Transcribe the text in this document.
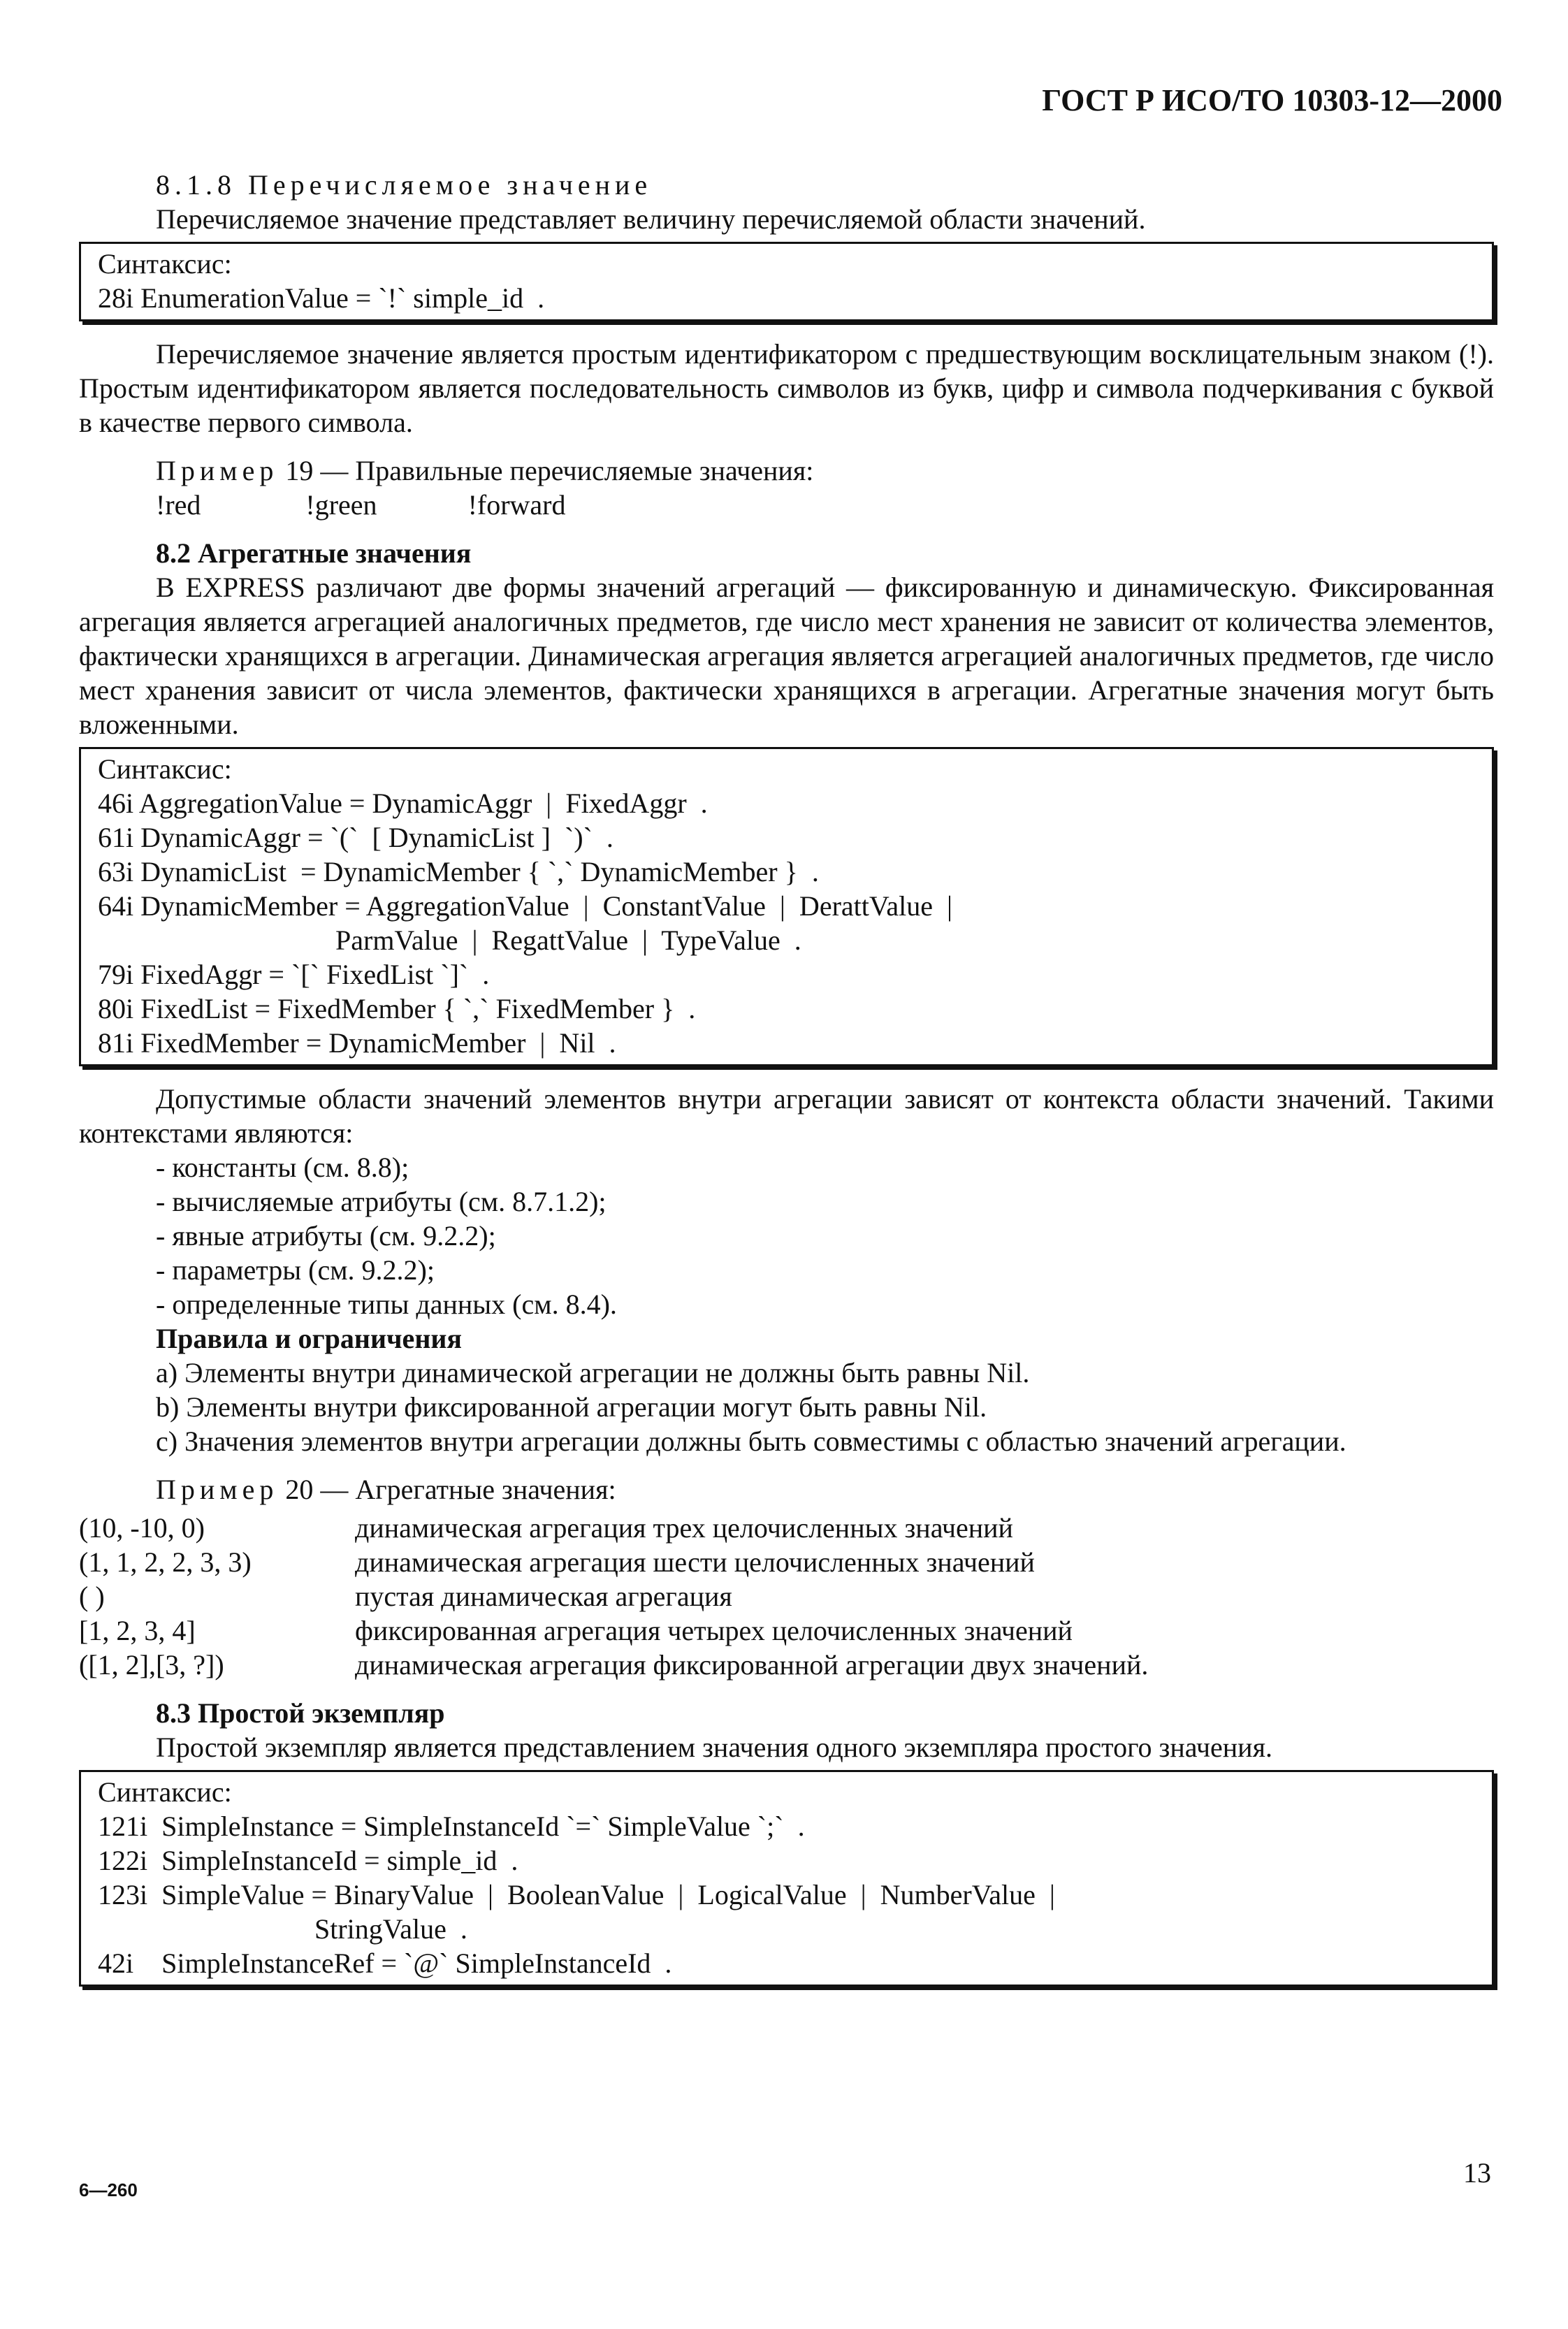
ГОСТ Р ИСО/ТО 10303-12—2000

8.1.8 Перечисляемое значение

Перечисляемое значение представляет величину перечисляемой области значений.

Синтаксис:
28i EnumerationValue = `!` simple_id  .

Перечисляемое значение является простым идентификатором с предшествующим восклицательным знаком (!). Простым идентификатором является последовательность символов из букв, цифр и символа подчеркивания с буквой в качестве первого символа.

Пример 19 — Правильные перечисляемые значения:

!red	!green	!forward

8.2 Агрегатные значения

В EXPRESS различают две формы значений агрегаций — фиксированную и динамическую. Фиксированная агрегация является агрегацией аналогичных предметов, где число мест хранения не зависит от количества элементов, фактически хранящихся в агрегации. Динамическая агрегация является агрегацией аналогичных предметов, где число мест хранения зависит от числа элементов, фактически хранящихся в агрегации. Агрегатные значения могут быть вложенными.

Синтаксис:
46i AggregationValue = DynamicAggr  |  FixedAggr  .
61i DynamicAggr = `(`  [ DynamicList ]  `)`  .
63i DynamicList  = DynamicMember { `,` DynamicMember }  .
64i DynamicMember = AggregationValue  |  ConstantValue  |  DerattValue  |
ParmValue  |  RegattValue  |  TypeValue  .
79i FixedAggr = `[` FixedList `]`  .
80i FixedList = FixedMember { `,` FixedMember }  .
81i FixedMember = DynamicMember  |  Nil  .

Допустимые области значений элементов внутри агрегации зависят от контекста области значений. Такими контекстами являются:

- константы (см. 8.8);
- вычисляемые атрибуты (см. 8.7.1.2);
- явные атрибуты (см. 9.2.2);
- параметры (см. 9.2.2);
- определенные типы данных (см. 8.4).

Правила и ограничения

a) Элементы внутри динамической агрегации не должны быть равны Nil.
b) Элементы внутри фиксированной агрегации могут быть равны Nil.
c) Значения элементов внутри агрегации должны быть совместимы с областью значений агрегации.

Пример 20 — Агрегатные значения:

(10, -10, 0)	динамическая агрегация трех целочисленных значений
(1, 1, 2, 2, 3, 3)	динамическая агрегация шести целочисленных значений
( )	пустая динамическая агрегация
[1, 2, 3, 4]	фиксированная агрегация четырех целочисленных значений
([1, 2],[3, ?])	динамическая агрегация фиксированной агрегации двух значений.

8.3 Простой экземпляр

Простой экземпляр является представлением значения одного экземпляра простого значения.

Синтаксис:
121i  SimpleInstance = SimpleInstanceId `=` SimpleValue `;`  .
122i  SimpleInstanceId = simple_id  .
123i  SimpleValue = BinaryValue  |  BooleanValue  |  LogicalValue  |  NumberValue  |
StringValue  .
42i    SimpleInstanceRef = `@` SimpleInstanceId  .
6—260
13
